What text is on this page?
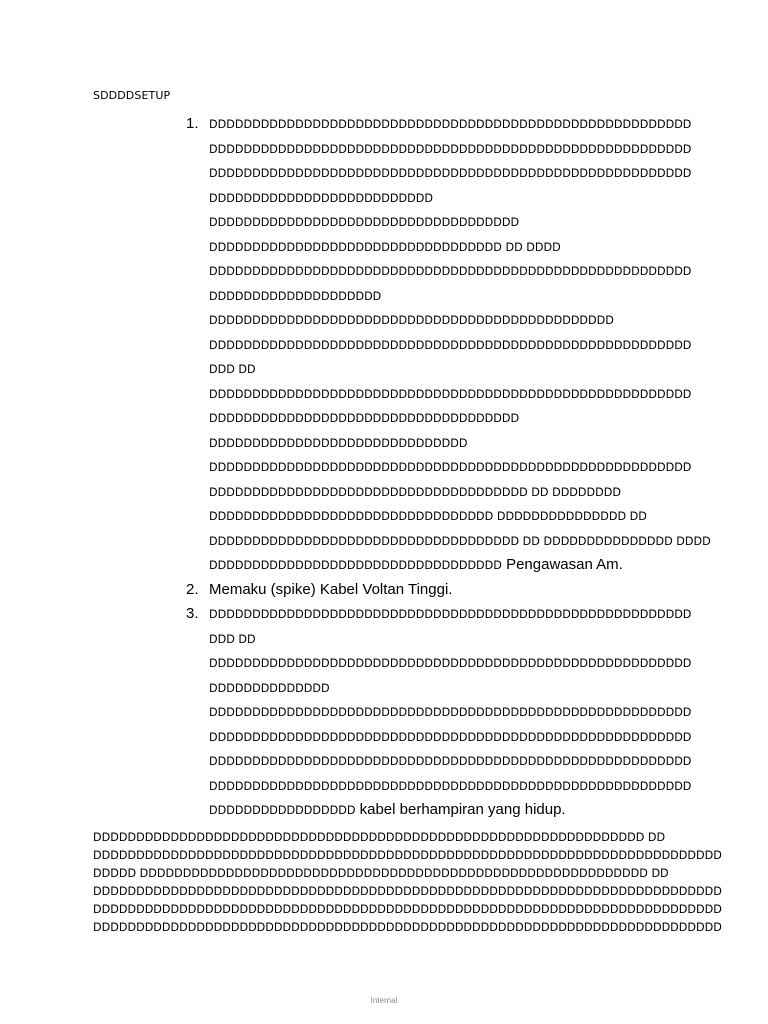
SDDDDSETUP
1. DDDDDDDDDDDDDDDDDDDDDDDDDDDDDDDDDDDDDDDDDDDDDDDDDDDDDDDD
DDDDDDDDDDDDDDDDDDDDDDDDDDDDDDDDDDDDDDDDDDDDDDDDDDDDDDDD
DDDDDDDDDDDDDDDDDDDDDDDDDDDDDDDDDDDDDDDDDDDDDDDDDDDDDDDD
DDDDDDDDDDDDDDDDDDDDDDDDDD
DDDDDDDDDDDDDDDDDDDDDDDDDDDDDDDDDDDD
DDDDDDDDDDDDDDDDDDDDDDDDDDDDDDDDDD DD DDDD
DDDDDDDDDDDDDDDDDDDDDDDDDDDDDDDDDDDDDDDDDDDDDDDDDDDDDDDD
DDDDDDDDDDDDDDDDDDDD
DDDDDDDDDDDDDDDDDDDDDDDDDDDDDDDDDDDDDDDDDDDDDDD
DDDDDDDDDDDDDDDDDDDDDDDDDDDDDDDDDDDDDDDDDDDDDDDDDDDDDDDD
DDD DD
DDDDDDDDDDDDDDDDDDDDDDDDDDDDDDDDDDDDDDDDDDDDDDDDDDDDDDDD
DDDDDDDDDDDDDDDDDDDDDDDDDDDDDDDDDDDD
DDDDDDDDDDDDDDDDDDDDDDDDDDDDDD
DDDDDDDDDDDDDDDDDDDDDDDDDDDDDDDDDDDDDDDDDDDDDDDDDDDDDDDD
DDDDDDDDDDDDDDDDDDDDDDDDDDDDDDDDDDDDD DD DDDDDDDD
DDDDDDDDDDDDDDDDDDDDDDDDDDDDDDDDD DDDDDDDDDDDDDDD DD
DDDDDDDDDDDDDDDDDDDDDDDDDDDDDDDDDDDD DD DDDDDDDDDDDDDDD DDDD
DDDDDDDDDDDDDDDDDDDDDDDDDDDDDDDDDD Pengawasan Am.
2. Memaku (spike) Kabel Voltan Tinggi.
3. DDDDDDDDDDDDDDDDDDDDDDDDDDDDDDDDDDDDDDDDDDDDDDDDDDDDDDDD
DDD DD
DDDDDDDDDDDDDDDDDDDDDDDDDDDDDDDDDDDDDDDDDDDDDDDDDDDDDDDD
DDDDDDDDDDDDDD
DDDDDDDDDDDDDDDDDDDDDDDDDDDDDDDDDDDDDDDDDDDDDDDDDDDDDDDD
DDDDDDDDDDDDDDDDDDDDDDDDDDDDDDDDDDDDDDDDDDDDDDDDDDDDDDDD
DDDDDDDDDDDDDDDDDDDDDDDDDDDDDDDDDDDDDDDDDDDDDDDDDDDDDDDD
DDDDDDDDDDDDDDDDDDDDDDDDDDDDDDDDDDDDDDDDDDDDDDDDDDDDDDDD
DDDDDDDDDDDDDDDDD kabel berhampiran yang hidup.
DDDDDDDDDDDDDDDDDDDDDDDDDDDDDDDDDDDDDDDDDDDDDDDDDDDDDDDDDDDDDDDD DD
DDDDDDDDDDDDDDDDDDDDDDDDDDDDDDDDDDDDDDDDDDDDDDDDDDDDDDDDDDDDDDDDDDDDDDDDD
DDDDD DDDDDDDDDDDDDDDDDDDDDDDDDDDDDDDDDDDDDDDDDDDDDDDDDDDDDDDDDDD DD
DDDDDDDDDDDDDDDDDDDDDDDDDDDDDDDDDDDDDDDDDDDDDDDDDDDDDDDDDDDDDDDDDDDDDDDDD
DDDDDDDDDDDDDDDDDDDDDDDDDDDDDDDDDDDDDDDDDDDDDDDDDDDDDDDDDDDDDDDDDDDDDDDDD
DDDDDDDDDDDDDDDDDDDDDDDDDDDDDDDDDDDDDDDDDDDDDDDDDDDDDDDDDDDDDDDDDDDDDDDDD
Internal
